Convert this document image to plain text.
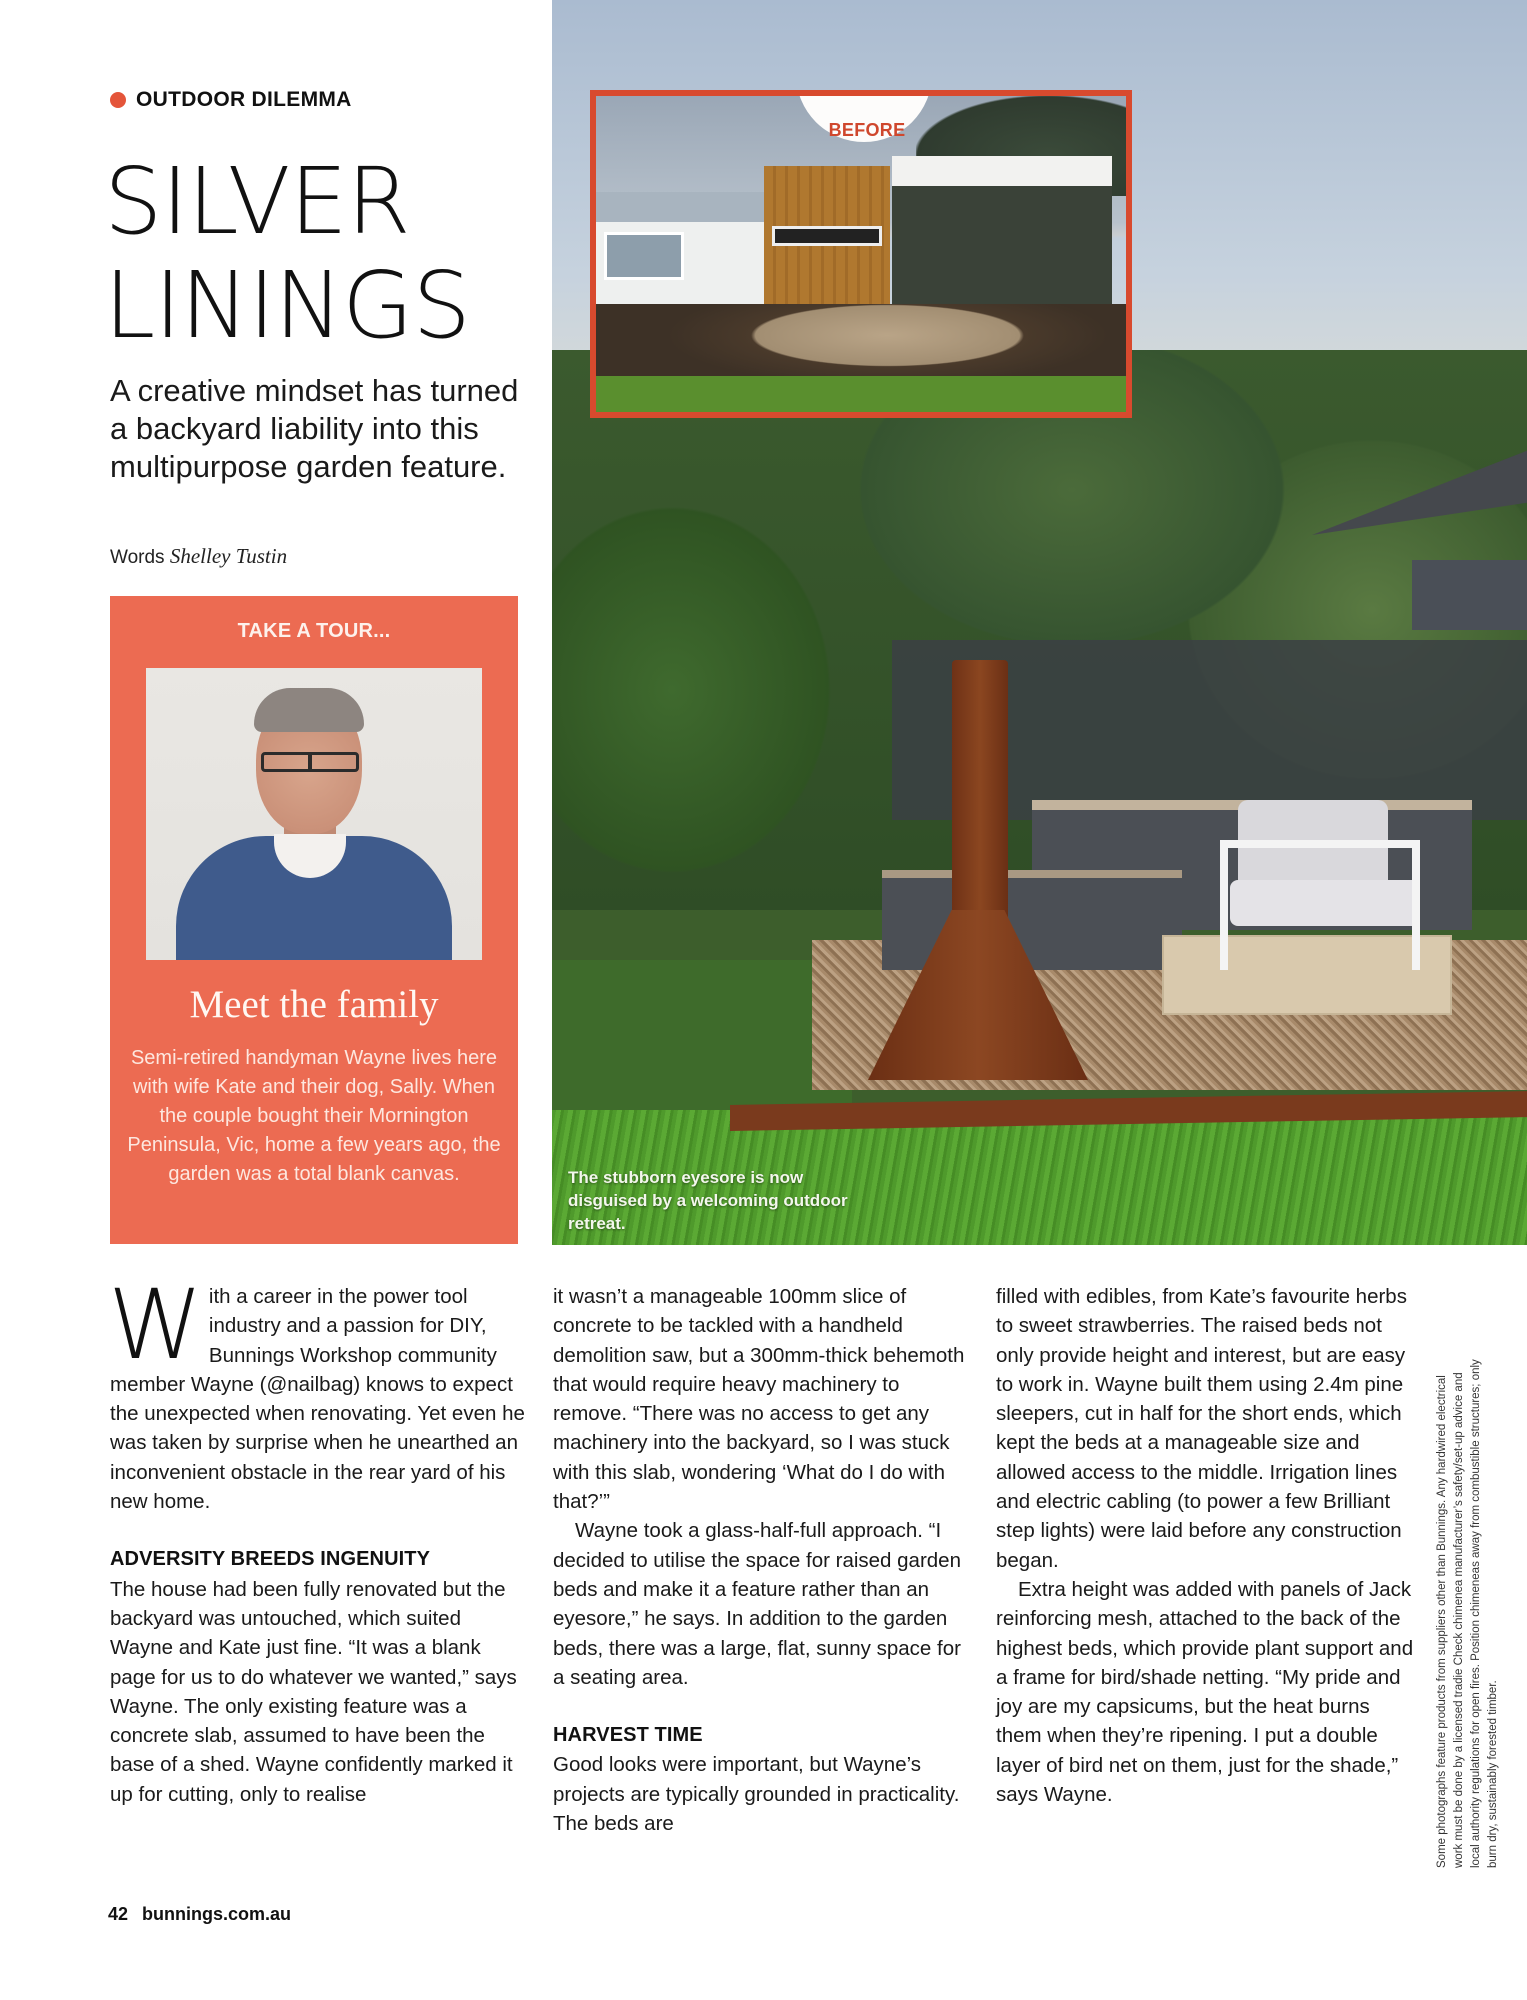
OUTDOOR DILEMMA
SILVER
LININGS

A creative mindset has turned a backyard liability into this multipurpose garden feature.

Words Shelley Tustin

TAKE A TOUR...
Meet the family

Semi-retired handyman Wayne lives here with wife Kate and their dog, Sally. When the couple bought their Mornington Peninsula, Vic, home a few years ago, the garden was a total blank canvas.	The stubborn eyesore is now disguised by a welcoming outdoor retreat.
BEFORE
W ith a career in the power tool industry and a passion for DIY, Bunnings Workshop community member Wayne (@nailbag) knows to expect the unexpected when renovating. Yet even he was taken by surprise when he unearthed an inconvenient obstacle in the rear yard of his new home.

ADVERSITY BREEDS INGENUITY

The house had been fully renovated but the backyard was untouched, which suited Wayne and Kate just fine. “It was a blank page for us to do whatever we wanted,” says Wayne. The only existing feature was a concrete slab, assumed to have been the base of a shed. Wayne confidently marked it up for cutting, only to realise

it wasn’t a manageable 100mm slice of concrete to be tackled with a handheld demolition saw, but a 300mm-thick behemoth that would require heavy machinery to remove. “There was no access to get any machinery into the backyard, so I was stuck with this slab, wondering ‘What do I do with that?’”

Wayne took a glass-half-full approach. “I decided to utilise the space for raised garden beds and make it a feature rather than an eyesore,” he says. In addition to the garden beds, there was a large, flat, sunny space for a seating area.

HARVEST TIME

Good looks were important, but Wayne’s projects are typically grounded in practicality. The beds are

filled with edibles, from Kate’s favourite herbs to sweet strawberries. The raised beds not only provide height and interest, but are easy to work in. Wayne built them using 2.4m pine sleepers, cut in half for the short ends, which kept the beds at a manageable size and allowed access to the middle. Irrigation lines and electric cabling (to power a few Brilliant step lights) were laid before any construction began.

Extra height was added with panels of Jack reinforcing mesh, attached to the back of the highest beds, which provide plant support and a frame for bird/shade netting. “My pride and joy are my capsicums, but the heat burns them when they’re ripening. I put a double layer of bird net on them, just for the shade,” says Wayne.	Some photographs feature products from suppliers other than Bunnings. Any hardwired electrical work must be done by a licensed tradie Check chimenea manufacturer’s safety/set-up advice and local authority regulations for open fires. Position chimeneas away from combustible structures; only burn dry, sustainably forested timber.

42 bunnings.com.au
